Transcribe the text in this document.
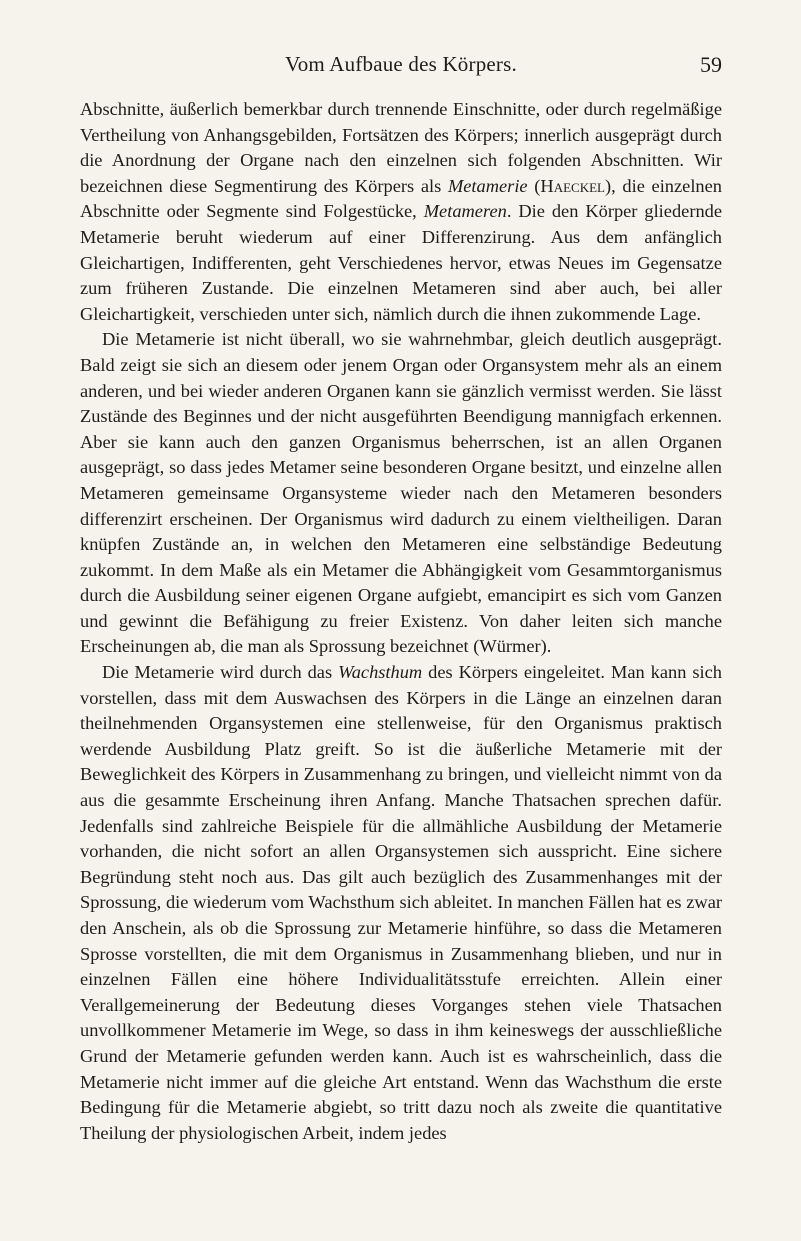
Vom Aufbaue des Körpers.	59

Abschnitte, äußerlich bemerkbar durch trennende Einschnitte, oder durch regelmäßige Vertheilung von Anhangsgebilden, Fortsätzen des Körpers; innerlich ausgeprägt durch die Anordnung der Organe nach den einzelnen sich folgenden Abschnitten. Wir bezeichnen diese Segmentirung des Körpers als Metamerie (Haeckel), die einzelnen Abschnitte oder Segmente sind Folgestücke, Metameren. Die den Körper gliedernde Metamerie beruht wiederum auf einer Differenzirung. Aus dem anfänglich Gleichartigen, Indifferenten, geht Verschiedenes hervor, etwas Neues im Gegensatze zum früheren Zustande. Die einzelnen Metameren sind aber auch, bei aller Gleichartigkeit, verschieden unter sich, nämlich durch die ihnen zukommende Lage.

Die Metamerie ist nicht überall, wo sie wahrnehmbar, gleich deutlich ausgeprägt. Bald zeigt sie sich an diesem oder jenem Organ oder Organsystem mehr als an einem anderen, und bei wieder anderen Organen kann sie gänzlich vermisst werden. Sie lässt Zustände des Beginnes und der nicht ausgeführten Beendigung mannigfach erkennen. Aber sie kann auch den ganzen Organismus beherrschen, ist an allen Organen ausgeprägt, so dass jedes Metamer seine besonderen Organe besitzt, und einzelne allen Metameren gemeinsame Organsysteme wieder nach den Metameren besonders differenzirt erscheinen. Der Organismus wird dadurch zu einem vieltheiligen. Daran knüpfen Zustände an, in welchen den Metameren eine selbständige Bedeutung zukommt. In dem Maße als ein Metamer die Abhängigkeit vom Gesammtorganismus durch die Ausbildung seiner eigenen Organe aufgiebt, emancipirt es sich vom Ganzen und gewinnt die Befähigung zu freier Existenz. Von daher leiten sich manche Erscheinungen ab, die man als Sprossung bezeichnet (Würmer).

Die Metamerie wird durch das Wachsthum des Körpers eingeleitet. Man kann sich vorstellen, dass mit dem Auswachsen des Körpers in die Länge an einzelnen daran theilnehmenden Organsystemen eine stellenweise, für den Organismus praktisch werdende Ausbildung Platz greift. So ist die äußerliche Metamerie mit der Beweglichkeit des Körpers in Zusammenhang zu bringen, und vielleicht nimmt von da aus die gesammte Erscheinung ihren Anfang. Manche Thatsachen sprechen dafür. Jedenfalls sind zahlreiche Beispiele für die allmähliche Ausbildung der Metamerie vorhanden, die nicht sofort an allen Organsystemen sich ausspricht. Eine sichere Begründung steht noch aus. Das gilt auch bezüglich des Zusammenhanges mit der Sprossung, die wiederum vom Wachsthum sich ableitet. In manchen Fällen hat es zwar den Anschein, als ob die Sprossung zur Metamerie hinführe, so dass die Metameren Sprosse vorstellten, die mit dem Organismus in Zusammenhang blieben, und nur in einzelnen Fällen eine höhere Individualitätsstufe erreichten. Allein einer Verallgemeinerung der Bedeutung dieses Vorganges stehen viele Thatsachen unvollkommener Metamerie im Wege, so dass in ihm keineswegs der ausschließliche Grund der Metamerie gefunden werden kann. Auch ist es wahrscheinlich, dass die Metamerie nicht immer auf die gleiche Art entstand. Wenn das Wachsthum die erste Bedingung für die Metamerie abgiebt, so tritt dazu noch als zweite die quantitative Theilung der physiologischen Arbeit, indem jedes
